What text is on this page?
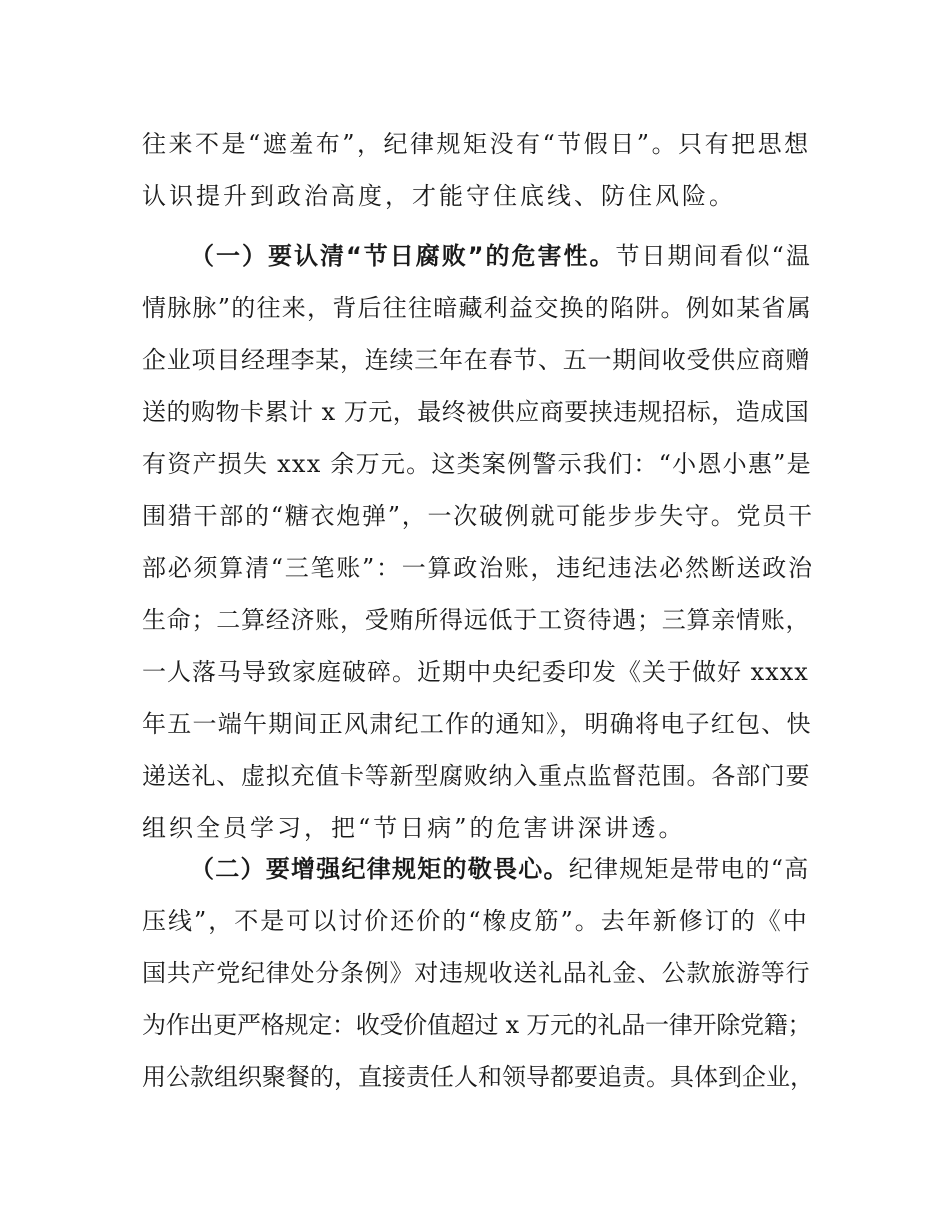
往来不是“遮羞布”，纪律规矩没有“节假日”。只有把思想
认识提升到政治高度，才能守住底线、防住风险。
（一）要认清“节日腐败”的危害性。节日期间看似“温
情脉脉”的往来，背后往往暗藏利益交换的陷阱。例如某省属
企业项目经理李某，连续三年在春节、五一期间收受供应商赠
送的购物卡累计 x 万元，最终被供应商要挟违规招标，造成国
有资产损失 xxx 余万元。这类案例警示我们：“小恩小惠”是
围猎干部的“糖衣炮弹”，一次破例就可能步步失守。党员干
部必须算清“三笔账”：一算政治账，违纪违法必然断送政治
生命；二算经济账，受贿所得远低于工资待遇；三算亲情账，
一人落马导致家庭破碎。近期中央纪委印发《关于做好 xxxx
年五一端午期间正风肃纪工作的通知》，明确将电子红包、快
递送礼、虚拟充值卡等新型腐败纳入重点监督范围。各部门要
组织全员学习，把“节日病”的危害讲深讲透。
（二）要增强纪律规矩的敬畏心。纪律规矩是带电的“高
压线”，不是可以讨价还价的“橡皮筋”。去年新修订的《中
国共产党纪律处分条例》对违规收送礼品礼金、公款旅游等行
为作出更严格规定：收受价值超过 x 万元的礼品一律开除党籍；
用公款组织聚餐的，直接责任人和领导都要追责。具体到企业，
